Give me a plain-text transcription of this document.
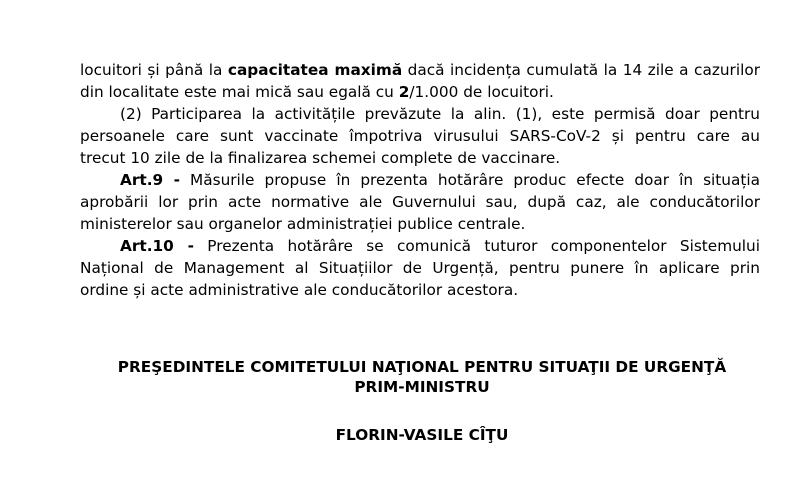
locuitori și până la capacitatea maximă dacă incidența cumulată la 14 zile a cazurilor
din localitate este mai mică sau egală cu 2/1.000 de locuitori.
(2) Participarea la activitățile prevăzute la alin. (1), este permisă doar pentru
persoanele care sunt vaccinate împotriva virusului SARS-CoV-2 și pentru care au
trecut 10 zile de la finalizarea schemei complete de vaccinare.
Art.9 - Măsurile propuse în prezenta hotărâre produc efecte doar în situația
aprobării lor prin acte normative ale Guvernului sau, după caz, ale conducătorilor
ministerelor sau organelor administrației publice centrale.
Art.10 - Prezenta hotărâre se comunică tuturor componentelor Sistemului
Național de Management al Situațiilor de Urgență, pentru punere în aplicare prin
ordine și acte administrative ale conducătorilor acestora.
PREŞEDINTELE COMITETULUI NAŢIONAL PENTRU SITUAŢII DE URGENŢĂ
PRIM-MINISTRU
FLORIN-VASILE CÎŢU
